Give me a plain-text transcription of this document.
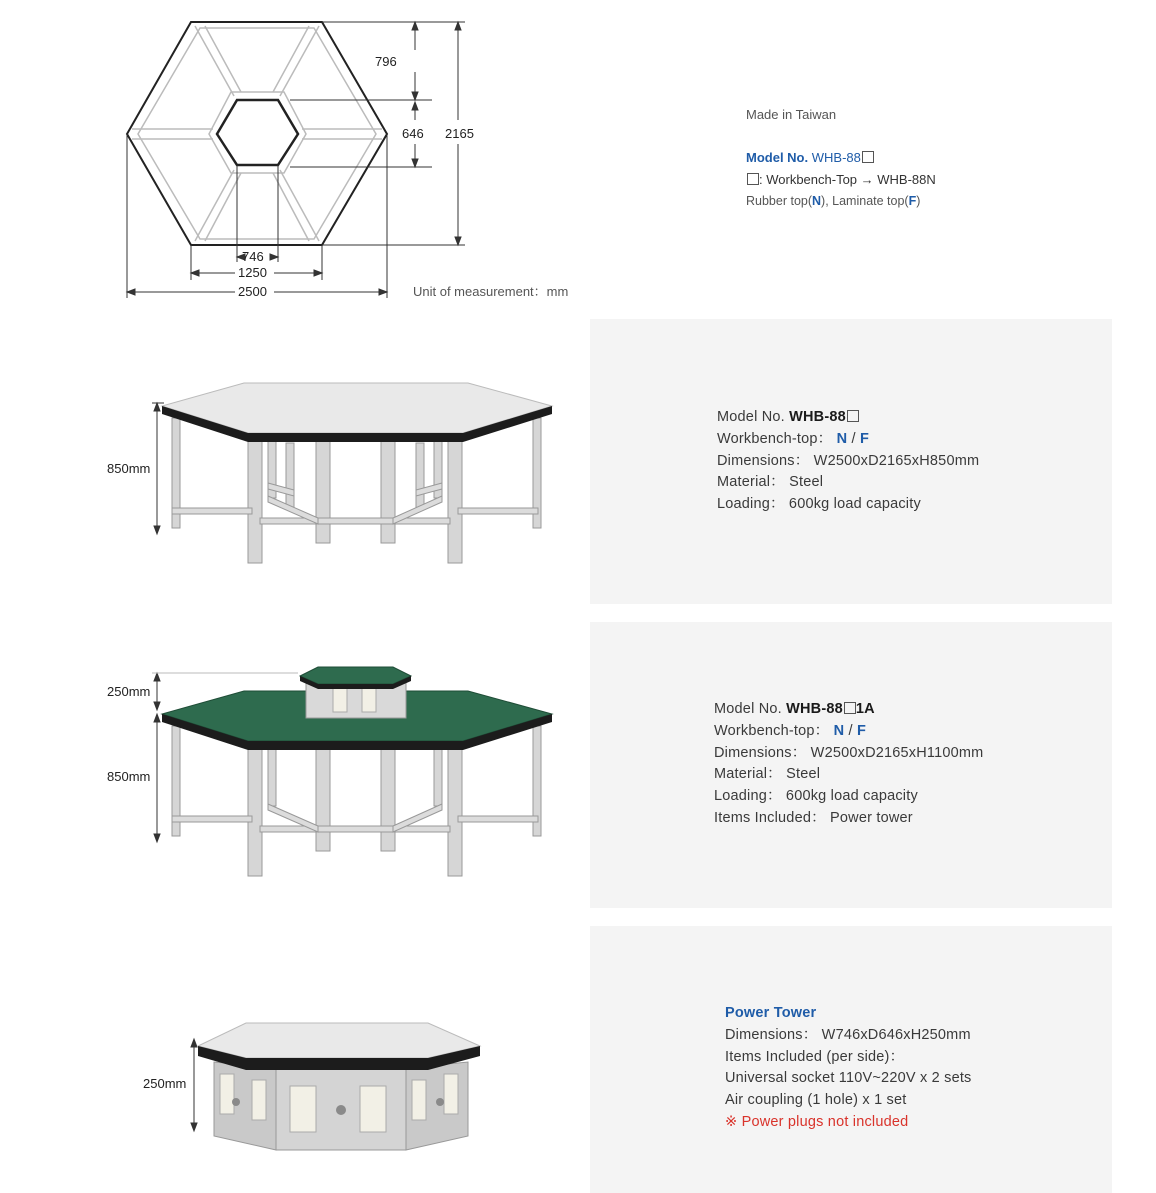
796
646 2165
746
1250
2500	Unit of measurement：mm
Made in Taiwan
Model No. WHB-88
: Workbench-Top → WHB-88N
Rubber top(N), Laminate top(F)
850mm
Model No. WHB-88
Workbench-top： N / F
Dimensions： W2500xD2165xH850mm
Material： Steel
Loading： 600kg load capacity
250mm
850mm
Model No. WHB-88 1A
Workbench-top： N / F
Dimensions： W2500xD2165xH1100mm
Material： Steel
Loading： 600kg load capacity
Items Included： Power tower
250mm
Power Tower
Dimensions： W746xD646xH250mm
Items Included (per side)：
Universal socket 110V~220V x 2 sets
Air coupling (1 hole) x 1 set
※ Power plugs not included
